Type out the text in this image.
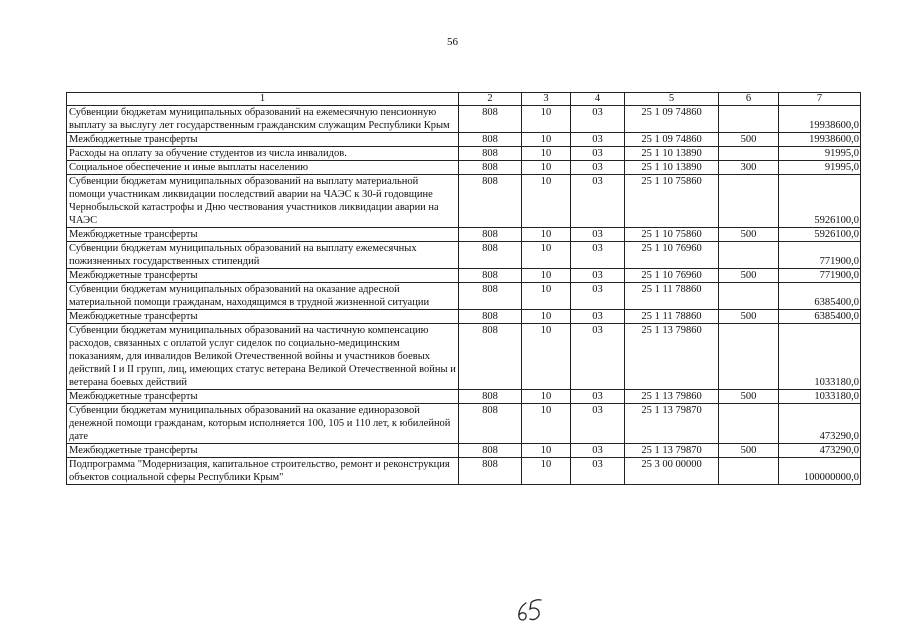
56
1	2	3	4	5	6	7
Субвенции бюджетам муниципальных образований на ежемесячную пенсионную выплату за выслугу лет государственным гражданским служащим Республики Крым	808	10	03	25 1 09 74860		19938600,0
Межбюджетные трансферты	808	10	03	25 1 09 74860	500	19938600,0
Расходы на оплату за обучение студентов из числа инвалидов.	808	10	03	25 1 10 13890		91995,0
Социальное обеспечение и иные выплаты населению	808	10	03	25 1 10 13890	300	91995,0
Субвенции бюджетам муниципальных образований на выплату материальной помощи участникам ликвидации последствий аварии на ЧАЭС к 30-й годовщине Чернобыльской катастрофы и Дню чествования участников ликвидации аварии на ЧАЭС	808	10	03	25 1 10 75860		5926100,0
Межбюджетные трансферты	808	10	03	25 1 10 75860	500	5926100,0
Субвенции бюджетам муниципальных образований на выплату ежемесячных пожизненных государственных стипендий	808	10	03	25 1 10 76960		771900,0
Межбюджетные трансферты	808	10	03	25 1 10 76960	500	771900,0
Субвенции бюджетам муниципальных образований на оказание адресной материальной помощи гражданам, находящимся в трудной жизненной ситуации	808	10	03	25 1 11 78860		6385400,0
Межбюджетные трансферты	808	10	03	25 1 11 78860	500	6385400,0
Субвенции бюджетам муниципальных образований на частичную компенсацию расходов, связанных с оплатой услуг сиделок по социально-медицинским показаниям, для инвалидов Великой Отечественной войны и участников боевых действий I и II групп, лиц, имеющих статус ветерана Великой Отечественной войны и ветерана боевых действий	808	10	03	25 1 13 79860		1033180,0
Межбюджетные трансферты	808	10	03	25 1 13 79860	500	1033180,0
Субвенции бюджетам муниципальных образований на оказание единоразовой денежной помощи гражданам, которым исполняется 100, 105 и 110 лет, к юбилейной дате	808	10	03	25 1 13 79870		473290,0
Межбюджетные трансферты	808	10	03	25 1 13 79870	500	473290,0
Подпрограмма "Модернизация, капитальное строительство, ремонт и реконструкция объектов социальной сферы Республики Крым"	808	10	03	25 3 00 00000		100000000,0
